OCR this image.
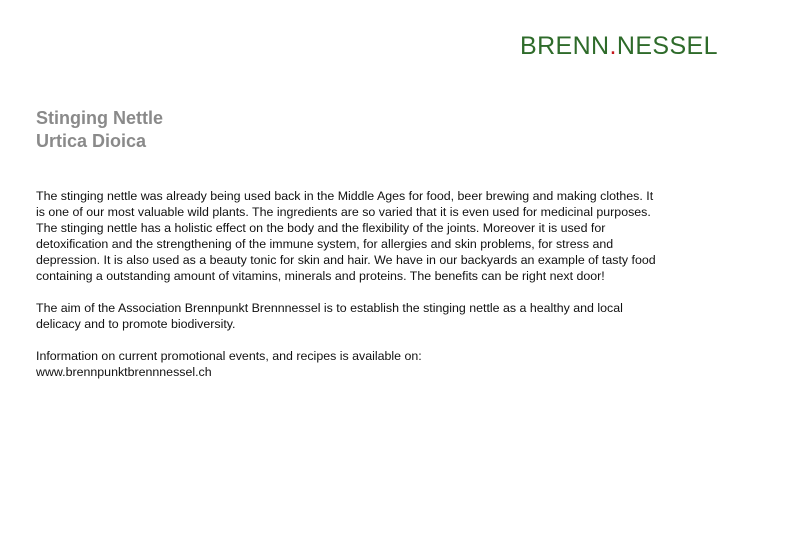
BRENN.NESSEL
Stinging Nettle
Urtica Dioica

The stinging nettle was already being used back in the Middle Ages for food, beer brewing and making clothes. It is one of our most valuable wild plants. The ingredients are so varied that it is even used for medicinal purposes. The stinging nettle has a holistic effect on the body and the flexibility of the joints. Moreover it is used for detoxification and the strengthening of the immune system, for allergies and skin problems, for stress and depression. It is also used as a beauty tonic for skin and hair. We have in our backyards an example of tasty food containing a outstanding amount of vitamins, minerals and proteins. The benefits can be right next door!

The aim of the Association Brennpunkt Brennnessel is to establish the stinging nettle as a healthy and local delicacy and to promote biodiversity.

Information on current promotional events, and recipes is available on:

www.brennpunktbrennnessel.ch
